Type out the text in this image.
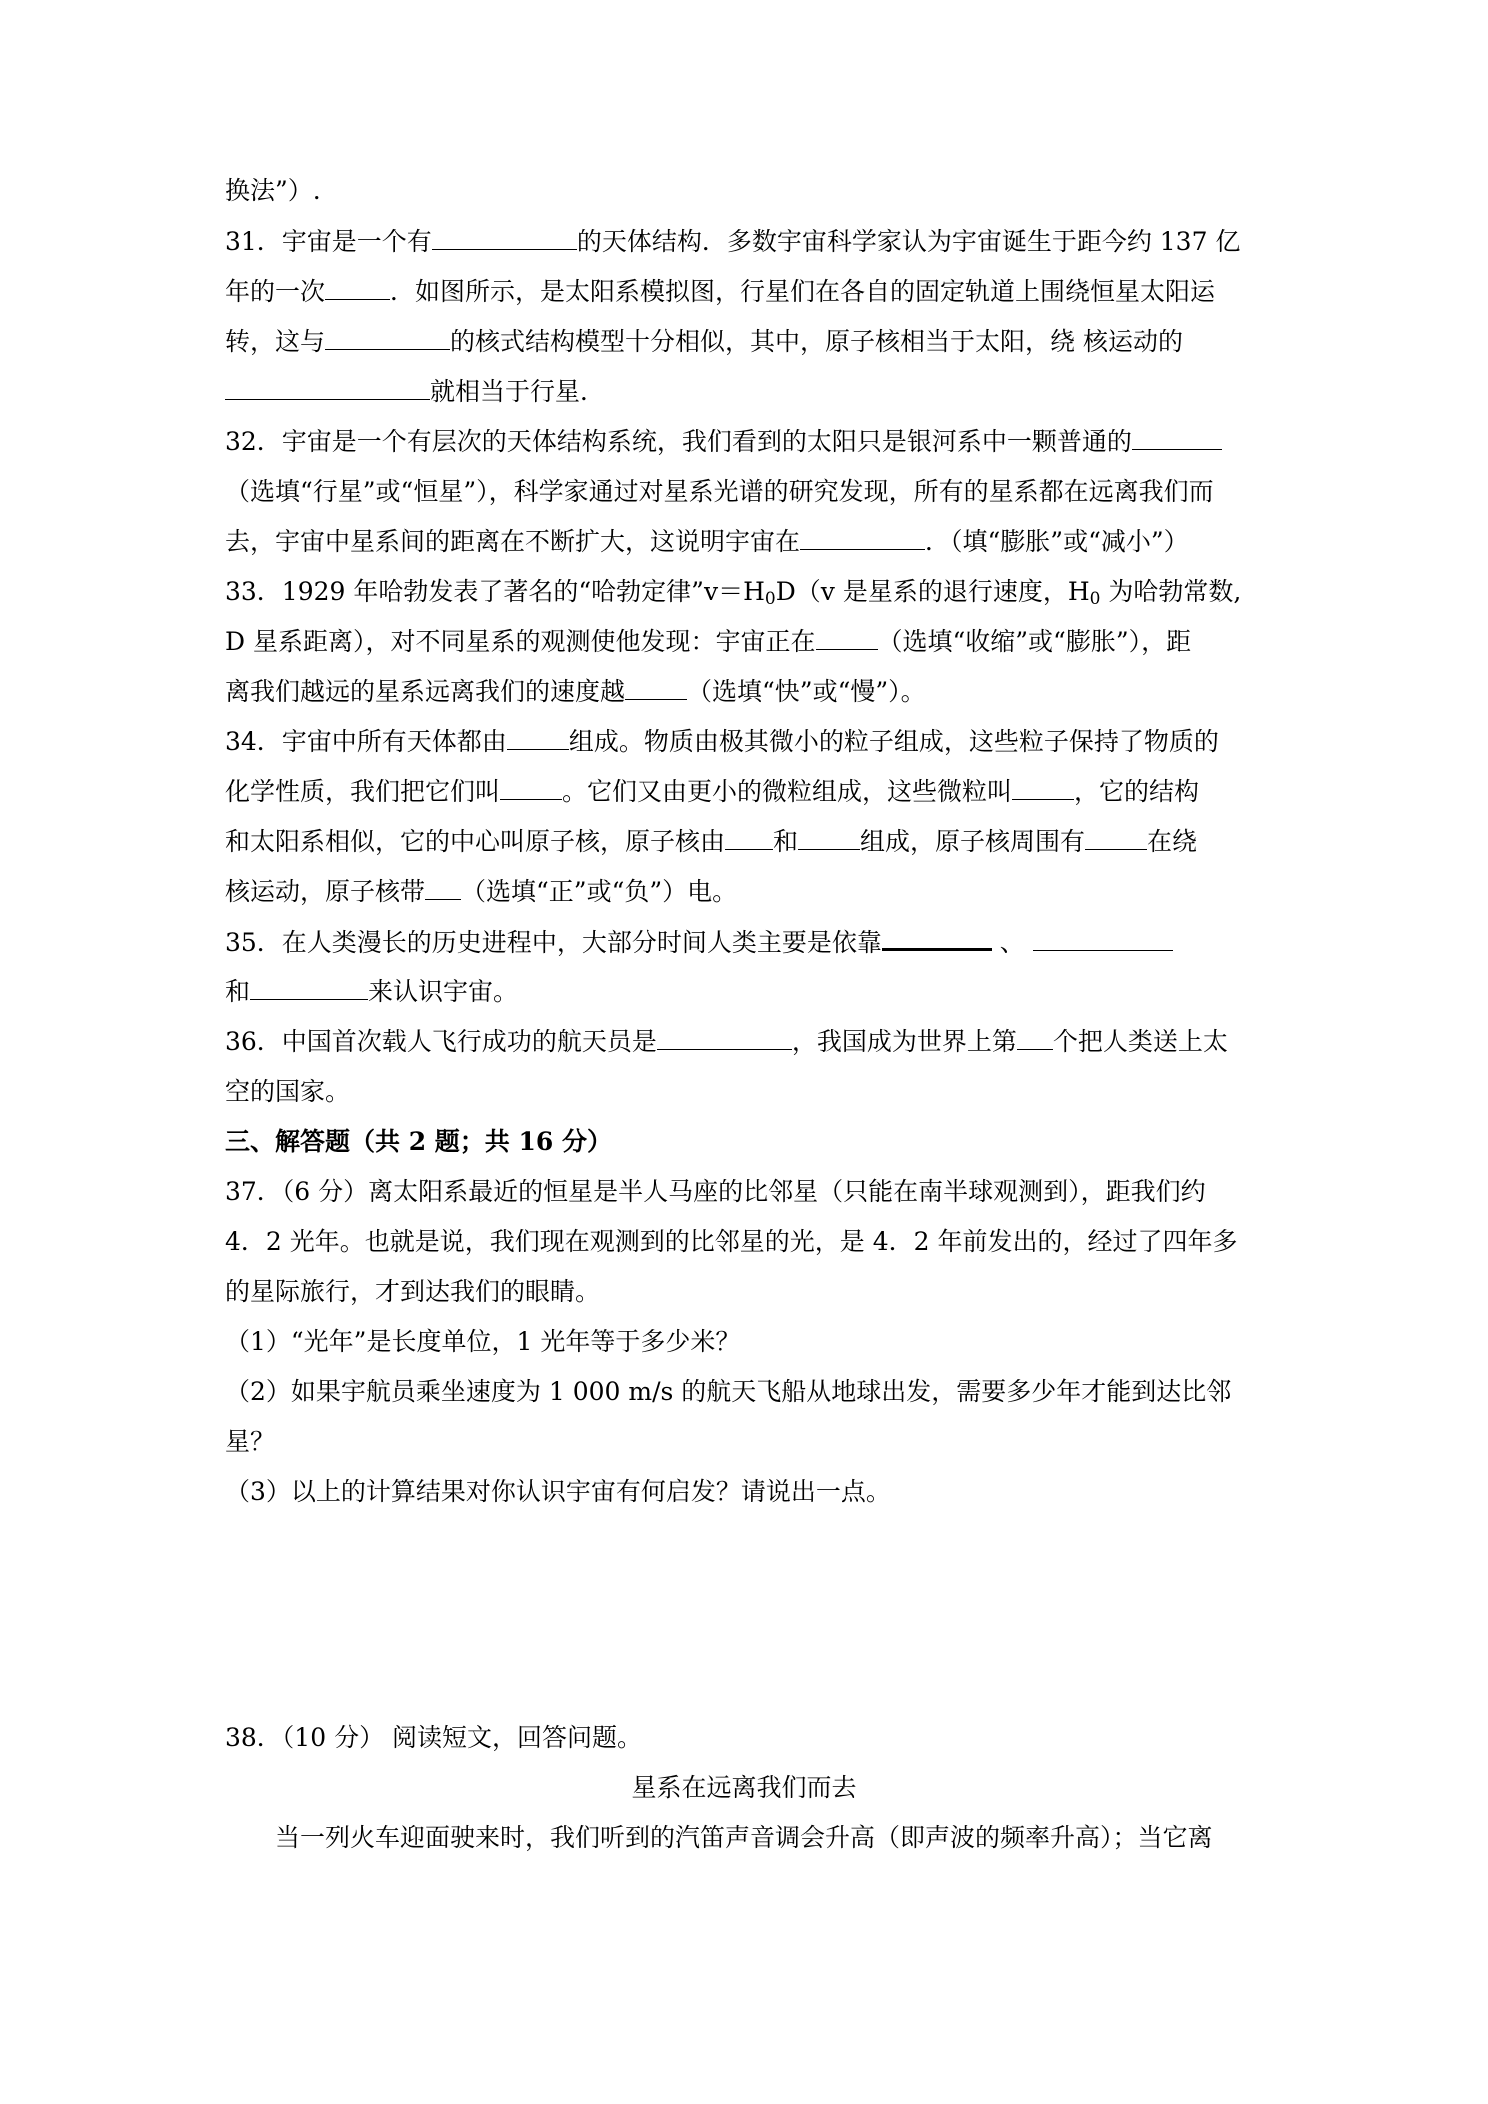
换法”）.
31．宇宙是一个有	的天体结构．多数宇宙科学家认为宇宙诞生于距今约 137 亿
年的一次	．如图所示，是太阳系模拟图，行星们在各自的固定轨道上围绕恒星太阳运
转，这与	的核式结构模型十分相似，其中，原子核相当于太阳，绕 核运动的
就相当于行星．
32．宇宙是一个有层次的天体结构系统，我们看到的太阳只是银河系中一颗普通的
（选填“行星”或“恒星”），科学家通过对星系光谱的研究发现，所有的星系都在远离我们而
去，宇宙中星系间的距离在不断扩大，这说明宇宙在	．（填“膨胀”或“减小”）
33．1929 年哈勃发表了著名的“哈勃定律$”v=H_0D(v$ 是星系的退行速度，$H_0$ 为哈勃常数,
D 星系距离），对不同星系的观测使他发现：宇宙正在 （选填“收缩”或“膨胀”），距
离我们越远的星系远离我们的速度越 （选填“快”或“慢”）。
34．宇宙中所有天体都由 组成。物质由极其微小的粒子组成，这些粒子保持了物质的
化学性质，我们把它们叫 。它们又由更小的微粒组成，这些微粒叫 ，它的结构
和太阳系相似，它的中心叫原子核，原子核由 和 组成，原子核周围有 在绕
核运动，原子核带 （选填“正”或“负”）电。
35．在人类漫长的历史进程中，大部分时间人类主要是依靠	、
和	来认识宇宙。
36．中国首次载人飞行成功的航天员是	，我国成为世界上第 个把人类送上太
空的国家。
三、解答题（共 2 题；共 16 分）
37．（6 分）离太阳系最近的恒星是半人马座的比邻星（只能在南半球观测到），距我们约
4．2 光年。也就是说，我们现在观测到的比邻星的光，是 4．2 年前发出的，经过了四年多
的星际旅行，才到达我们的眼睛。
（1）“光年”是长度单位，1 光年等于多少米？
（2）如果宇航员乘坐速度为 1 000 m/s 的航天飞船从地球出发，需要多少年才能到达比邻
星？
（3）以上的计算结果对你认识宇宙有何启发？请说出一点。
38．（10 分） 阅读短文，回答问题。
星系在远离我们而去
当一列火车迎面驶来时，我们听到的汽笛声音调会升高（即声波的频率升高）；当它离
